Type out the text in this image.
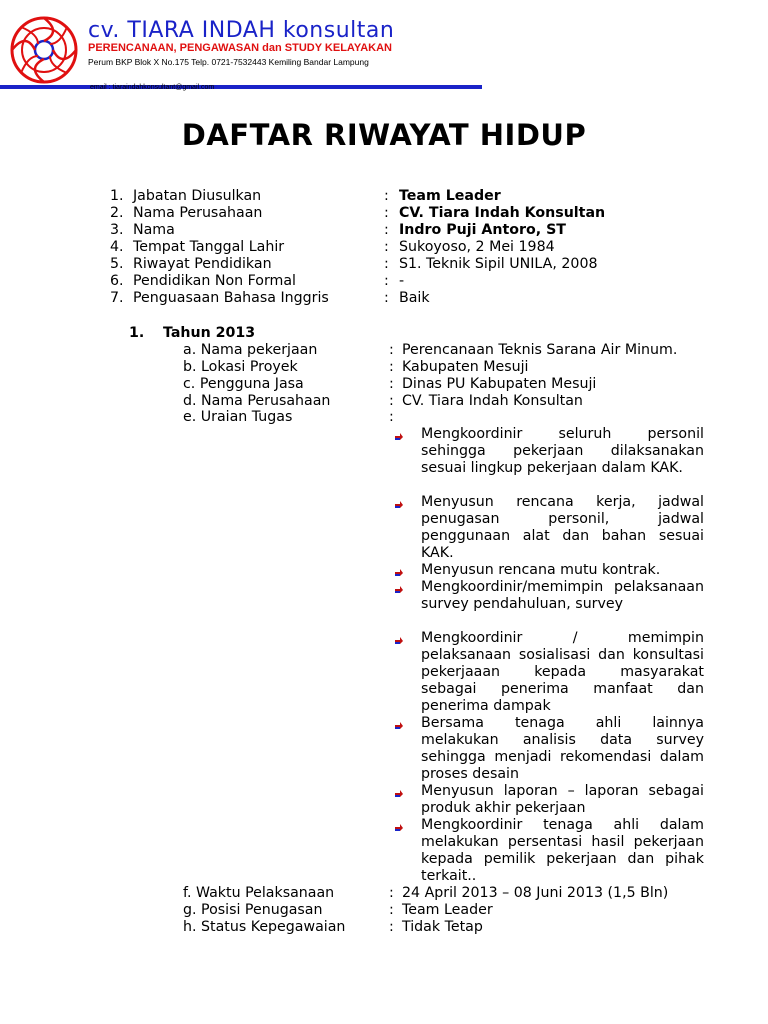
cv. TIARA INDAH konsultan
PERENCANAAN, PENGAWASAN dan STUDY KELAYAKAN
Perum BKP Blok X No.175 Telp. 0721-7532443 Kemiling Bandar Lampung
email : tiaraindahkonsultant@gmail.com
DAFTAR RIWAYAT HIDUP
1. Jabatan Diusulkan	: Team Leader
2. Nama Perusahaan	: CV. Tiara Indah Konsultan
3. Nama	: Indro Puji Antoro, ST
4. Tempat Tanggal Lahir	: Sukoyoso, 2 Mei 1984
5. Riwayat Pendidikan	: S1. Teknik Sipil UNILA, 2008
6. Pendidikan Non Formal	: -
7. Penguasaan Bahasa Inggris	: Baik
1. Tahun 2013
a. Nama pekerjaan	: Perencanaan Teknis Sarana Air Minum.
b. Lokasi Proyek	: Kabupaten Mesuji
c. Pengguna Jasa	: Dinas PU Kabupaten Mesuji
d. Nama Perusahaan	: CV. Tiara Indah Konsultan
e. Uraian Tugas	:
Mengkoordinir seluruh personil sehingga pekerjaan dilaksanakan sesuai lingkup pekerjaan dalam KAK.
Menyusun rencana kerja, jadwal penugasan personil, jadwal penggunaan alat dan bahan sesuai KAK.
Menyusun rencana mutu kontrak.
Mengkoordinir/memimpin pelaksanaan survey pendahuluan, survey
Mengkoordinir / memimpin pelaksanaan sosialisasi dan konsultasi pekerjaaan kepada masyarakat sebagai penerima manfaat dan penerima dampak
Bersama tenaga ahli lainnya melakukan analisis data survey sehingga menjadi rekomendasi dalam proses desain
Menyusun laporan – laporan sebagai produk akhir pekerjaan
Mengkoordinir tenaga ahli dalam melakukan persentasi hasil pekerjaan kepada pemilik pekerjaan dan pihak terkait..
f. Waktu Pelaksanaan	: 24 April 2013 – 08 Juni 2013 (1,5 Bln)
g. Posisi Penugasan	: Team Leader
h. Status Kepegawaian	: Tidak Tetap
